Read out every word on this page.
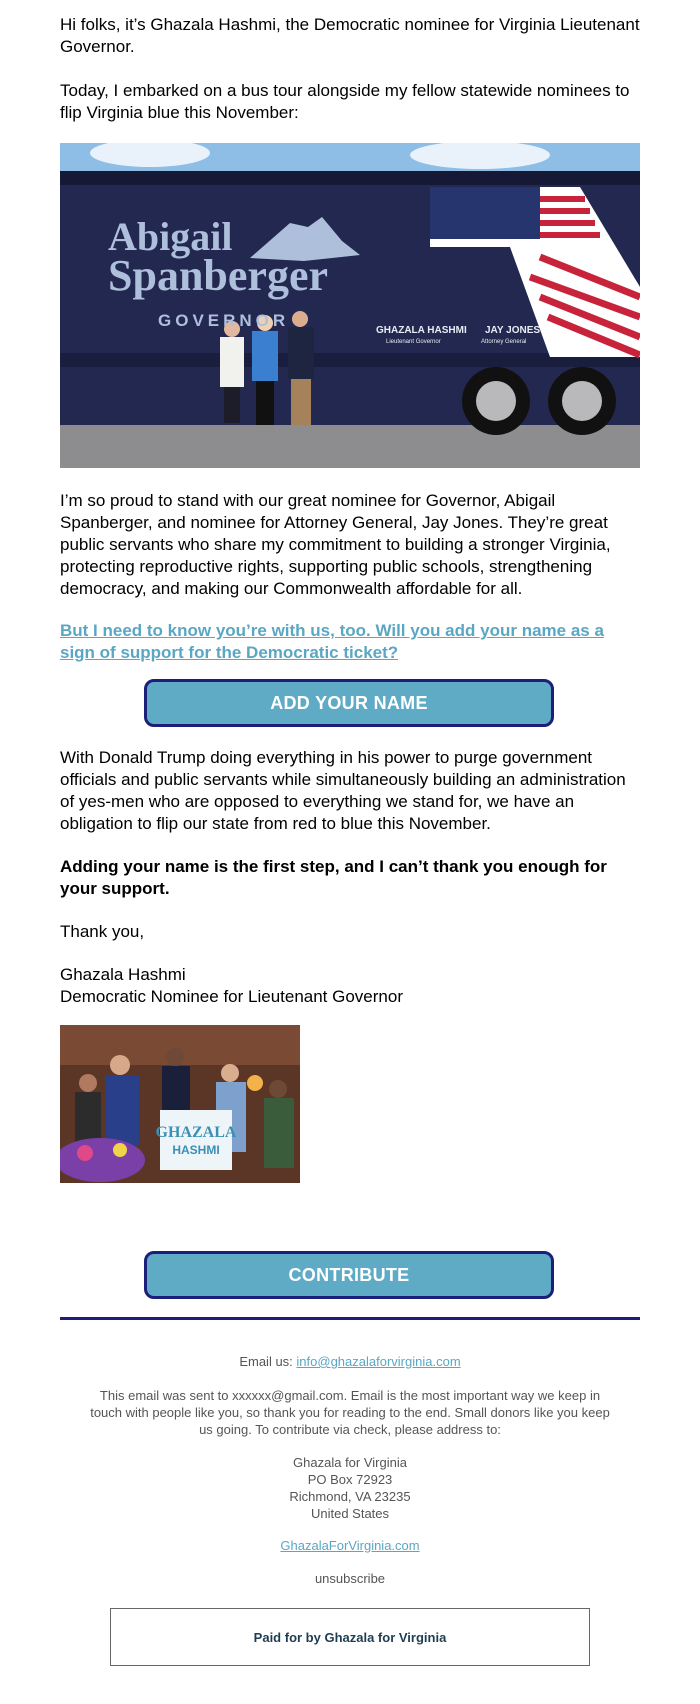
Hi folks, it’s Ghazala Hashmi, the Democratic nominee for Virginia Lieutenant Governor.

Today, I embarked on a bus tour alongside my fellow statewide nominees to flip Virginia blue this November:

Abigail
Spanberger
GOVERNOR
GHAZALA HASHMI
Lieutenant Governor
JAY JONES
Attorney General

I’m so proud to stand with our great nominee for Governor, Abigail Spanberger, and nominee for Attorney General, Jay Jones. They’re great public servants who share my commitment to building a stronger Virginia, protecting reproductive rights, supporting public schools, strengthening democracy, and making our Commonwealth affordable for all.

But I need to know you’re with us, too. Will you add your name as a sign of support for the Democratic ticket?
ADD YOUR NAME

With Donald Trump doing everything in his power to purge government officials and public servants while simultaneously building an administration of yes-men who are opposed to everything we stand for, we have an obligation to flip our state from red to blue this November.

Adding your name is the first step, and I can’t thank you enough for your support.

Thank you,

Ghazala Hashmi

Democratic Nominee for Lieutenant Governor

GHAZALA
HASHMI
CONTRIBUTE
Email us: info@ghazalaforvirginia.com
This email was sent to xxxxxx@gmail.com. Email is the most important way we keep in touch with people like you, so thank you for reading to the end. Small donors like you keep us going. To contribute via check, please address to:
Ghazala for Virginia
PO Box 72923
Richmond, VA 23235
United States
GhazalaForVirginia.com
unsubscribe
Paid for by Ghazala for Virginia
